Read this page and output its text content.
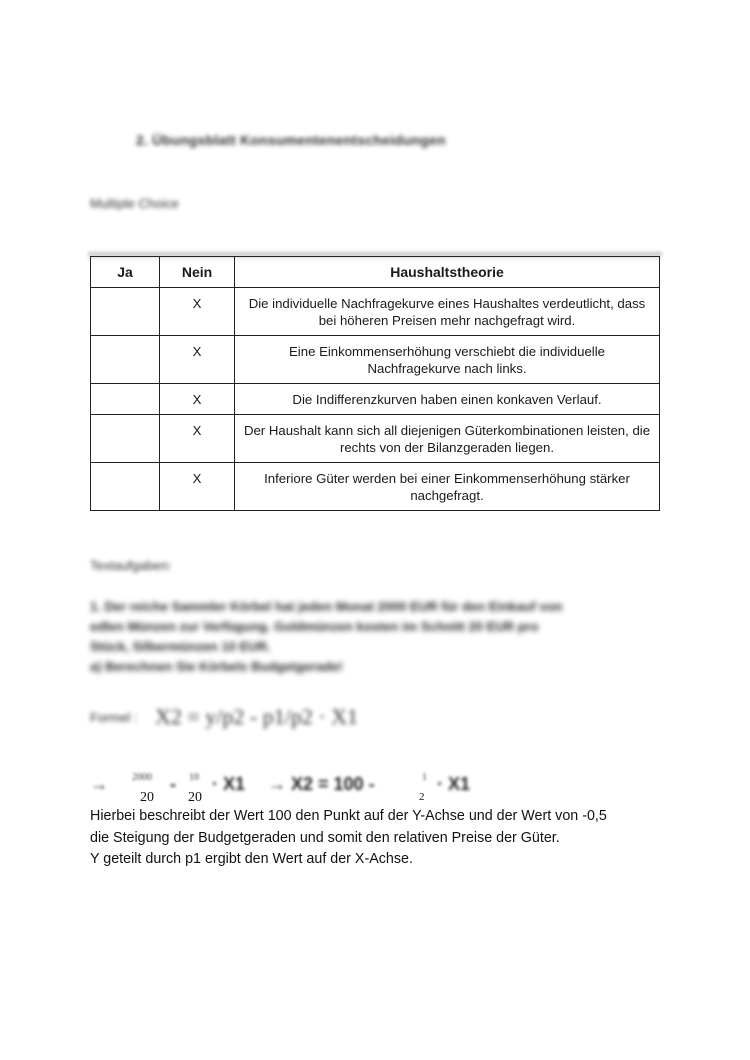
2. Übungsblatt Konsumentenentscheidungen
Multiple Choice
Ja	Nein	Haushaltstheorie
	X	Die individuelle Nachfragekurve eines Haushaltes verdeutlicht, dass bei höheren Preisen mehr nachgefragt wird.
	X	Eine Einkommenserhöhung verschiebt die individuelle Nachfragekurve nach links.
	X	Die Indifferenzkurven haben einen konkaven Verlauf.
	X	Der Haushalt kann sich all diejenigen Güterkombinationen leisten, die rechts von der Bilanzgeraden liegen.
	X	Inferiore Güter werden bei einer Einkommenserhöhung stärker nachgefragt.
Textaufgaben:
1. Der reiche Sammler Körbel hat jeden Monat 2000 EUR für den Einkauf von
edlen Münzen zur Verfügung. Goldmünzen kosten im Schnitt 20 EUR pro
Stück, Silbermünzen 10 EUR.
a) Berechnen Sie Körbels Budgetgerade!
Formel : X2 = y/p2 - p1/p2 · X1
→ 2000 - 10 · X1 → X2 = 100 -	1 · X1
20 20	2
Hierbei beschreibt der Wert 100 den Punkt auf der Y-Achse und der Wert von -0,5
die Steigung der Budgetgeraden und somit den relativen Preise der Güter.
Y geteilt durch p1 ergibt den Wert auf der X-Achse.
